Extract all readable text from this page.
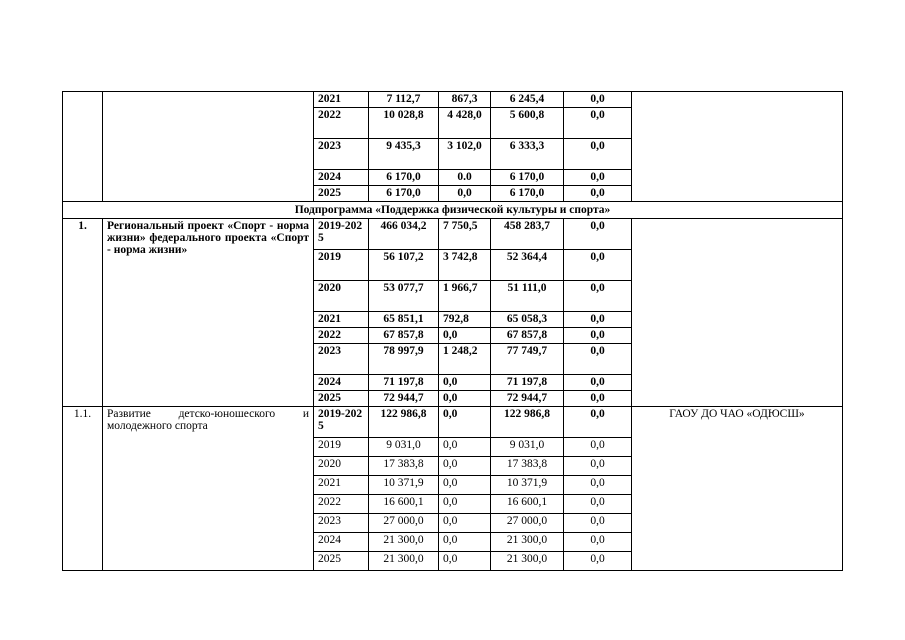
		2021	7 112,7	867,3	6 245,4	0,0	
		2022	10 028,8	4 428,0	5 600,8	0,0	
		2023	9 435,3	3 102,0	6 333,3	0,0	
		2024	6 170,0	0.0	6 170,0	0,0	
		2025	6 170,0	0,0	6 170,0	0,0	
Подпрограмма «Поддержка физической культуры и спорта»							
1.	Региональный проект «Спорт - норма жизни» федерального проекта «Спорт - норма жизни»	2019-2025	466 034,2	7 750,5	458 283,7	0,0	
		2019	56 107,2	3 742,8	52 364,4	0,0	
		2020	53 077,7	1 966,7	51 111,0	0,0	
		2021	65 851,1	792,8	65 058,3	0,0	
		2022	67 857,8	0,0	67 857,8	0,0	
		2023	78 997,9	1 248,2	77 749,7	0,0	
		2024	71 197,8	0,0	71 197,8	0,0	
		2025	72 944,7	0,0	72 944,7	0,0	
1.1.	Развитие детско-юношеского и молодежного спорта	2019-2025	122 986,8	0,0	122 986,8	0,0	ГАОУ ДО ЧАО «ОДЮСШ»
		2019	9 031,0	0,0	9 031,0	0,0	
		2020	17 383,8	0,0	17 383,8	0,0	
		2021	10 371,9	0,0	10 371,9	0,0	
		2022	16 600,1	0,0	16 600,1	0,0	
		2023	27 000,0	0,0	27 000,0	0,0	
		2024	21 300,0	0,0	21 300,0	0,0	
		2025	21 300,0	0,0	21 300,0	0,0	
